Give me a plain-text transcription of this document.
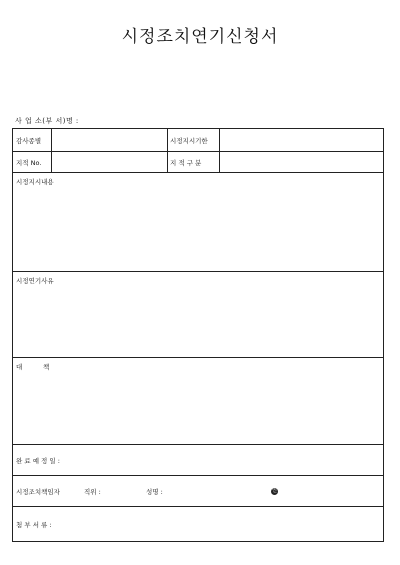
시정조치연기신청서
사 업 소(부 서)명 :
감사종별	시정지시기한
지적 No.	지 적 구 분
시정지시내용
시정연기사유
대          책
완 료 예 정 일 :
시정조치책임자	직위 :	성명 :	인
첨 부 서 류 :
